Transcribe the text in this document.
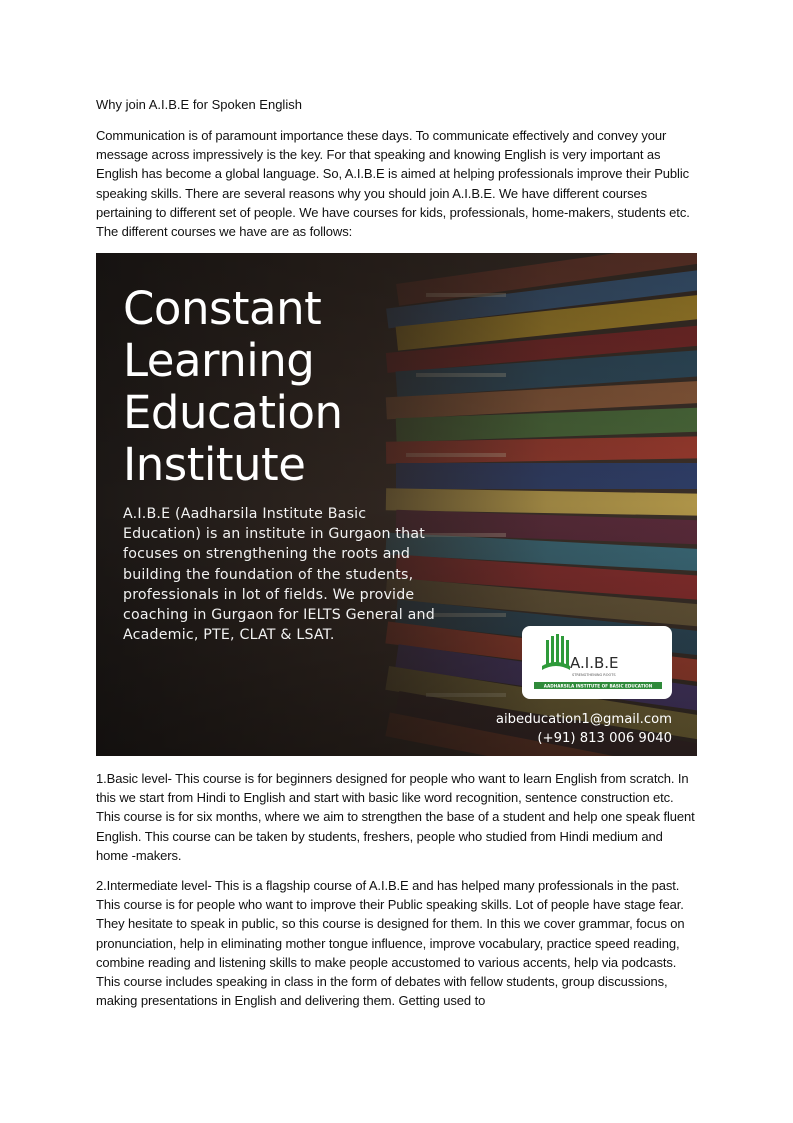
Why join A.I.B.E for Spoken English
Communication is of paramount importance these days. To communicate effectively and convey your message across impressively is the key. For that speaking and knowing English is very important as English has become a global language. So, A.I.B.E is aimed at helping professionals improve their Public speaking skills. There are several reasons why you should join A.I.B.E. We have different courses pertaining to different set of people. We have courses for kids, professionals, home-makers, students etc. The different courses we have are as follows:
Constant
Learning
Education
Institute
A.I.B.E (Aadharsila Institute Basic Education) is an institute in Gurgaon that focuses on strengthening the roots and building the foundation of the students, professionals in lot of fields. We provide coaching in Gurgaon for IELTS General and Academic, PTE, CLAT & LSAT.
A.I.B.E
STRENGTHENING ROOTS
AADHARSILA INSTITUTE OF BASIC EDUCATION
aibeducation1@gmail.com
(+91) 813 006 9040
1.Basic level- This course is for beginners designed for people who want to learn English from scratch. In this we start from Hindi to English and start with basic like word recognition, sentence construction etc. This course is for six months, where we aim to strengthen the base of a student and help one speak fluent English. This course can be taken by students, freshers, people who studied from Hindi medium and home -makers.
2.Intermediate level- This is a flagship course of A.I.B.E and has helped many professionals in the past. This course is for people who want to improve their Public speaking skills. Lot of people have stage fear. They hesitate to speak in public, so this course is designed for them. In this we cover grammar, focus on pronunciation, help in eliminating mother tongue influence, improve vocabulary, practice speed reading, combine reading and listening skills to make people accustomed to various accents, help via podcasts. This course includes speaking in class in the form of debates with fellow students, group discussions, making presentations in English and delivering them. Getting used to
